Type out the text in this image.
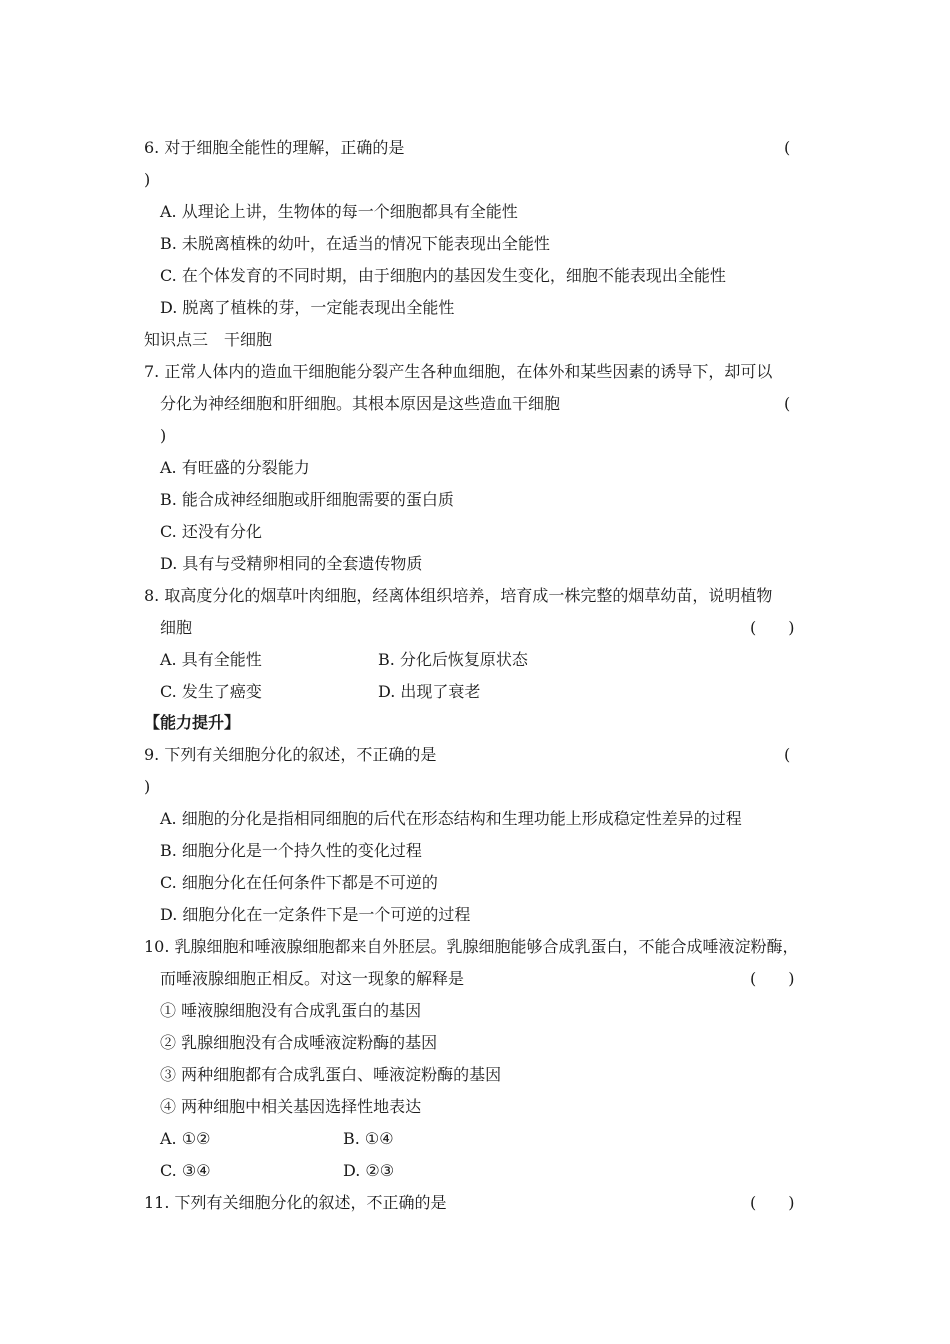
6. 对于细胞全能性的理解，正确的是	(
)
A. 从理论上讲，生物体的每一个细胞都具有全能性
B. 未脱离植株的幼叶，在适当的情况下能表现出全能性
C. 在个体发育的不同时期，由于细胞内的基因发生变化，细胞不能表现出全能性
D. 脱离了植株的芽，一定能表现出全能性
知识点三　干细胞
7. 正常人体内的造血干细胞能分裂产生各种血细胞，在体外和某些因素的诱导下，却可以
分化为神经细胞和肝细胞。其根本原因是这些造血干细胞	(
)
A. 有旺盛的分裂能力
B. 能合成神经细胞或肝细胞需要的蛋白质
C. 还没有分化
D. 具有与受精卵相同的全套遗传物质
8. 取高度分化的烟草叶肉细胞，经离体组织培养，培育成一株完整的烟草幼苗，说明植物
细胞	(　　)
A. 具有全能性	B. 分化后恢复原状态
C. 发生了癌变	D. 出现了衰老
【能力提升】
9. 下列有关细胞分化的叙述，不正确的是	(
)
A. 细胞的分化是指相同细胞的后代在形态结构和生理功能上形成稳定性差异的过程
B. 细胞分化是一个持久性的变化过程
C. 细胞分化在任何条件下都是不可逆的
D. 细胞分化在一定条件下是一个可逆的过程
10. 乳腺细胞和唾液腺细胞都来自外胚层。乳腺细胞能够合成乳蛋白，不能合成唾液淀粉酶，
而唾液腺细胞正相反。对这一现象的解释是	(　　)
① 唾液腺细胞没有合成乳蛋白的基因
② 乳腺细胞没有合成唾液淀粉酶的基因
③ 两种细胞都有合成乳蛋白、唾液淀粉酶的基因
④ 两种细胞中相关基因选择性地表达
A. ①②	B. ①④
C. ③④	D. ②③
11. 下列有关细胞分化的叙述，不正确的是	(　　)
